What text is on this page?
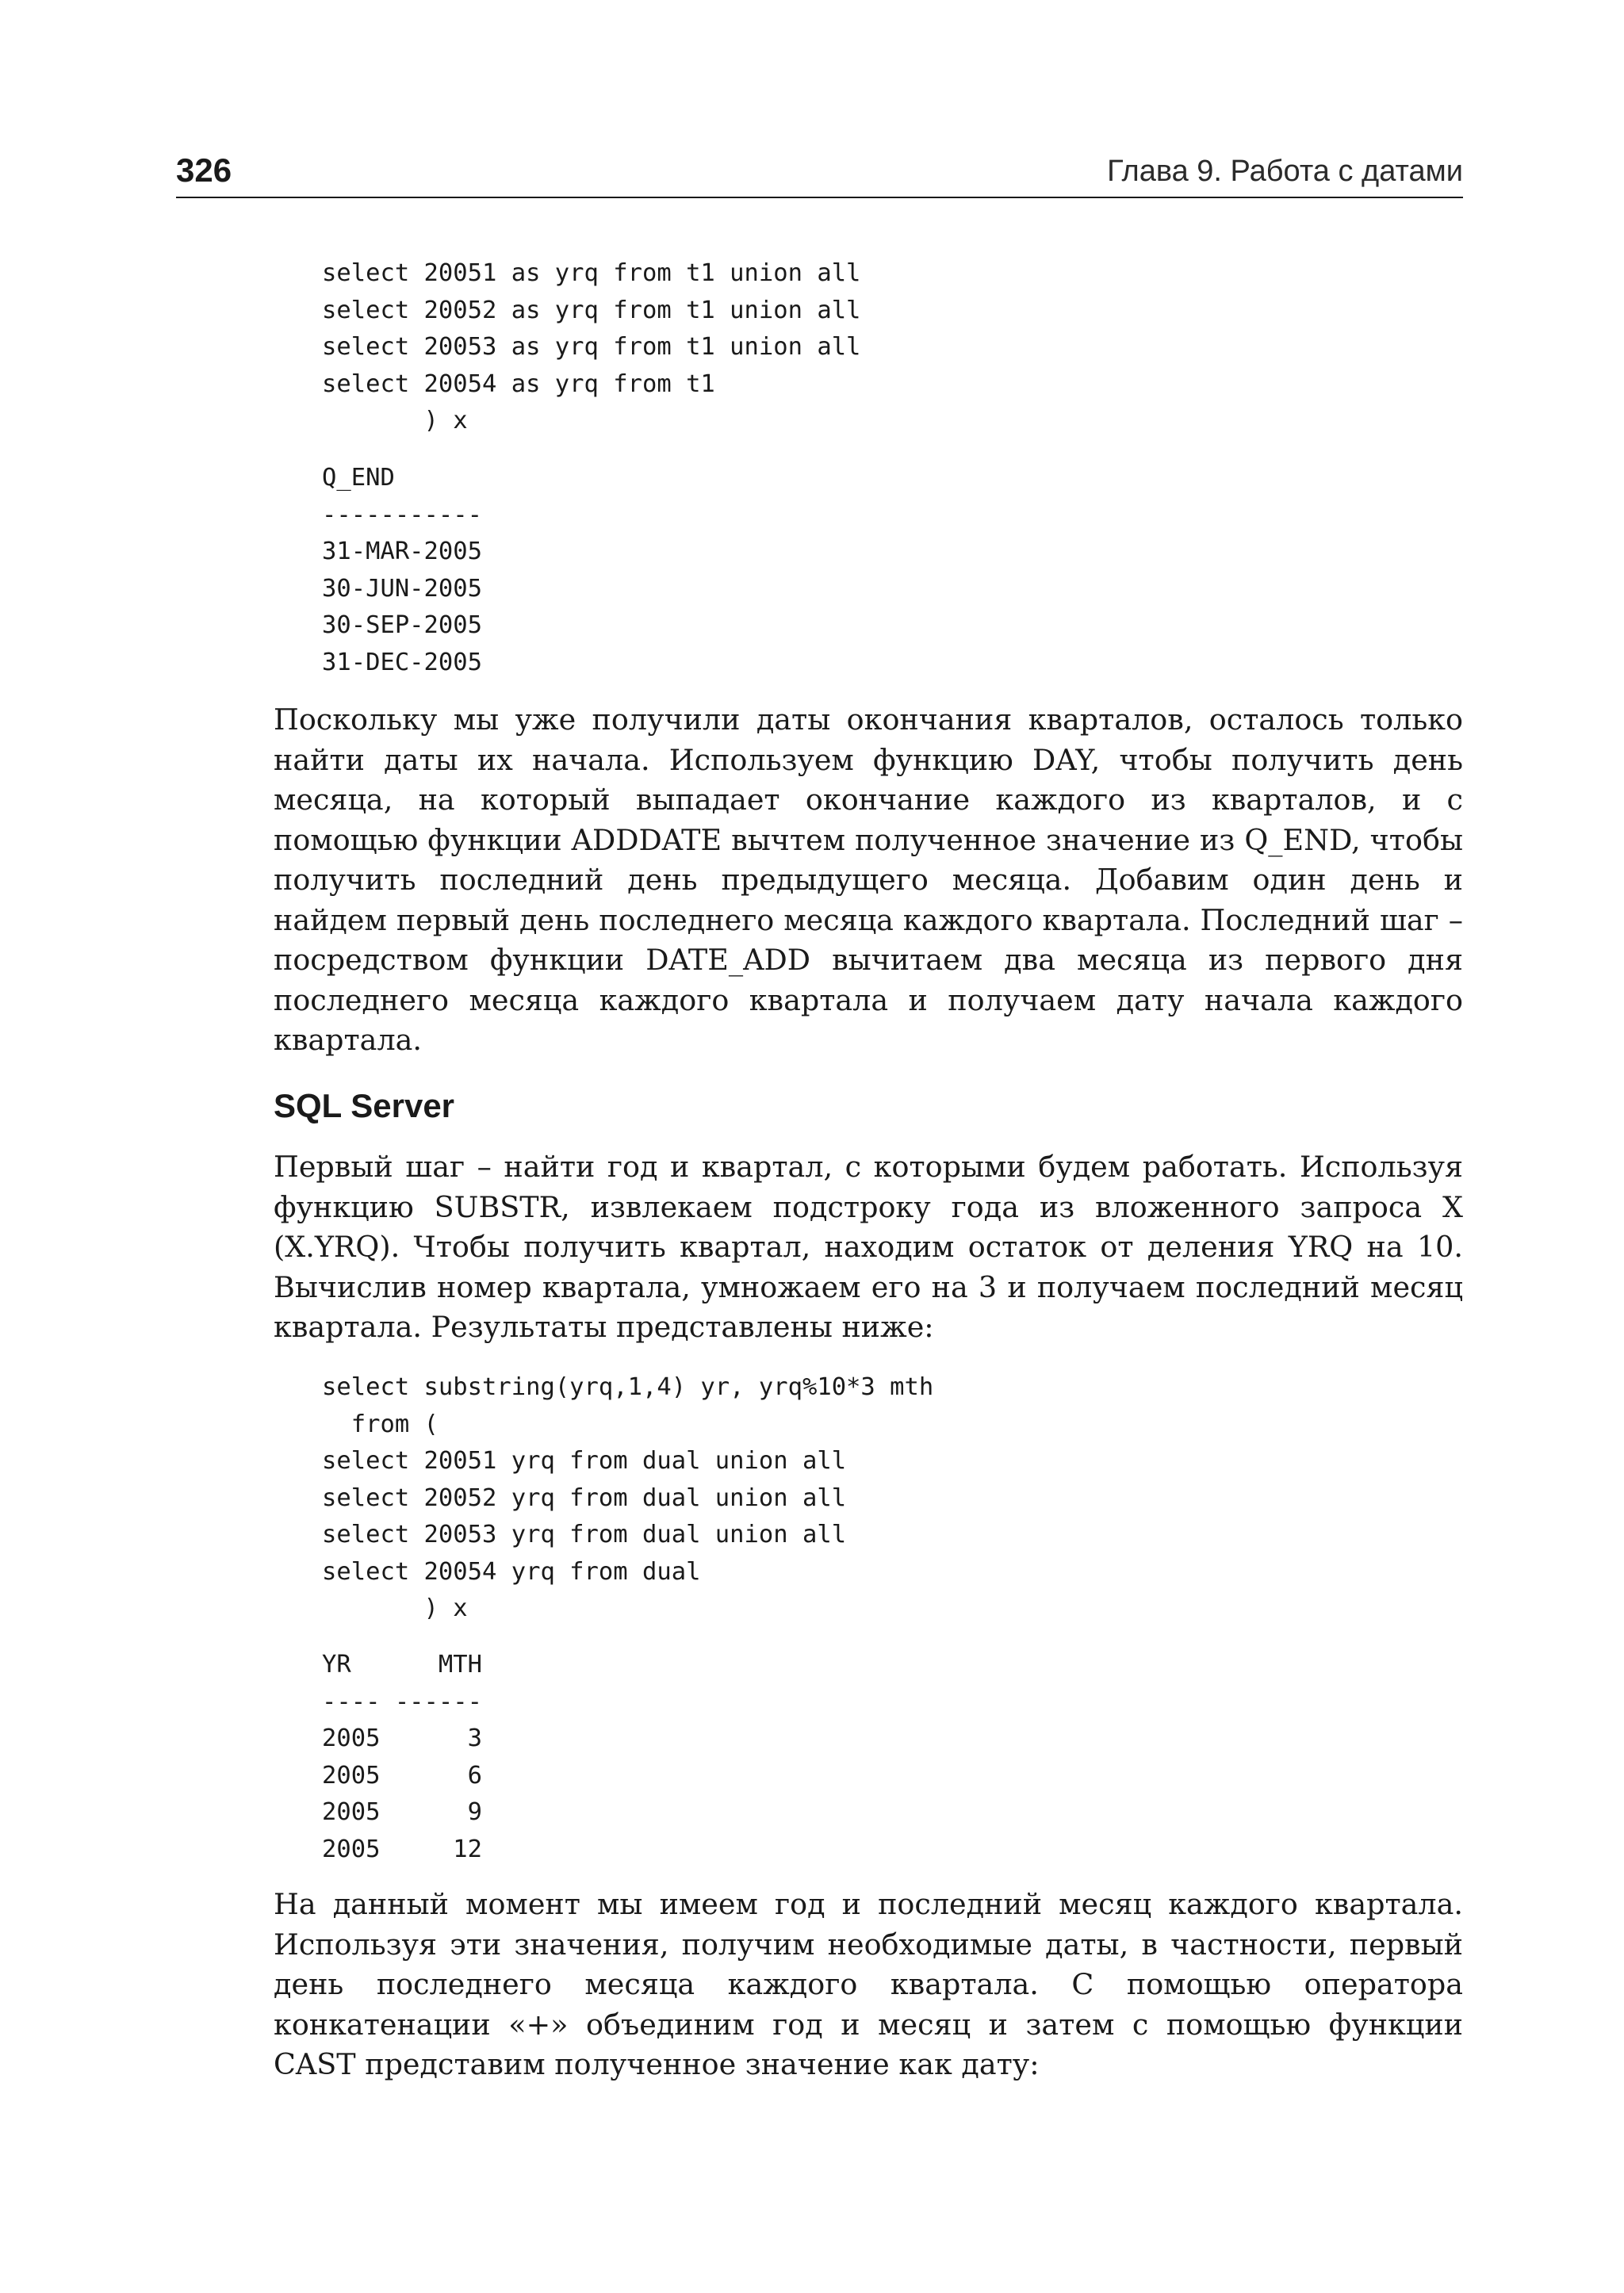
326	Глава 9. Работа с датами
select 20051 as yrq from t1 union all
select 20052 as yrq from t1 union all
select 20053 as yrq from t1 union all
select 20054 as yrq from t1
) x
Q_END
-----------
31-MAR-2005
30-JUN-2005
30-SEP-2005
31-DEC-2005

Поскольку мы уже получили даты окончания кварталов, осталось только найти даты их начала. Используем функцию DAY, чтобы получить день месяца, на который выпадает окончание каждого из кварталов, и с помощью функции ADDDATE вычтем полученное значение из Q_END, чтобы получить последний день предыдущего месяца. Добавим один день и найдем первый день последнего месяца каждого квартала. Последний шаг – посредством функции DATE_ADD вычитаем два месяца из первого дня последнего месяца каждого квартала и получаем дату начала каждого квартала.

SQL Server

Первый шаг – найти год и квартал, с которыми будем работать. Используя функцию SUBSTR, извлекаем подстроку года из вложенного запроса X (X.YRQ). Чтобы получить квартал, находим остаток от деления YRQ на 10. Вычислив номер квартала, умножаем его на 3 и получаем последний месяц квартала. Результаты представлены ниже:

select substring(yrq,1,4) yr, yrq%10*3 mth
from (
select 20051 yrq from dual union all
select 20052 yrq from dual union all
select 20053 yrq from dual union all
select 20054 yrq from dual
) x
YR      MTH
---- ------
2005      3
2005      6
2005      9
2005     12

На данный момент мы имеем год и последний месяц каждого квартала. Используя эти значения, получим необходимые даты, в частности, первый день последнего месяца каждого квартала. С помощью оператора конкатенации «+» объединим год и месяц и затем с помощью функции CAST представим полученное значение как дату:
